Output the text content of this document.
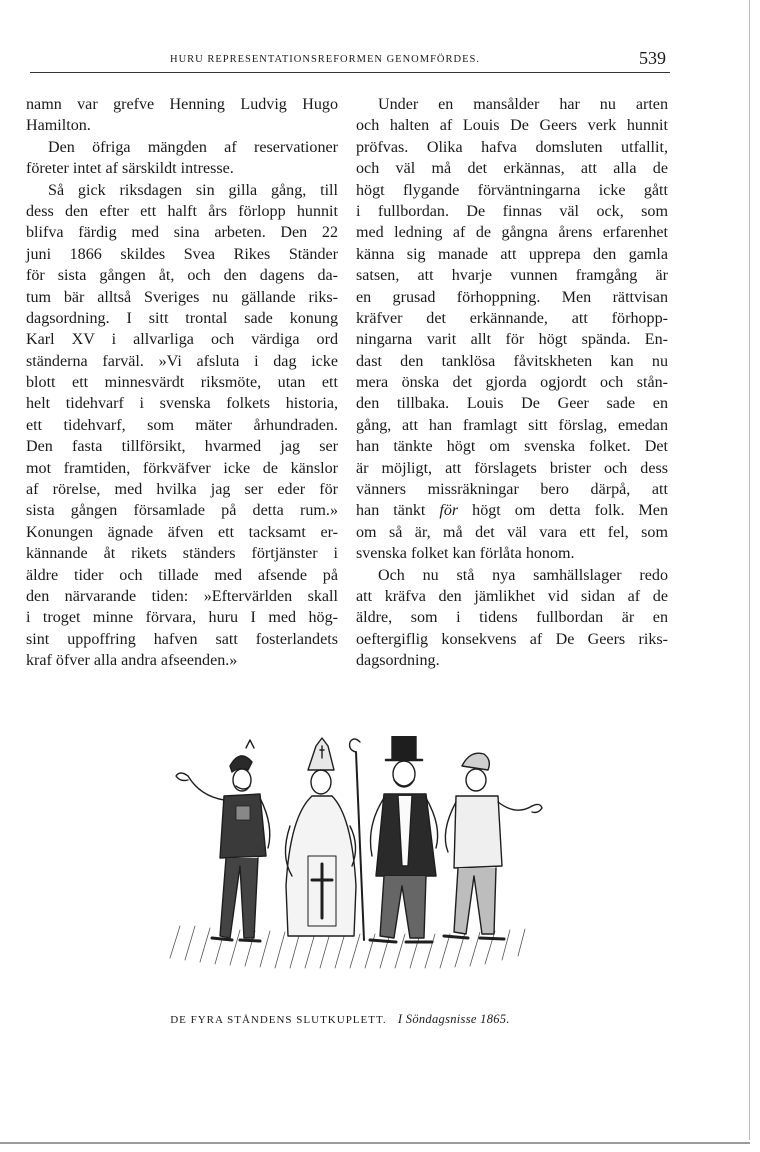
HURU REPRESENTATIONSREFORMEN GENOMFÖRDES.	539
namn var grefve Henning Ludvig Hugo
Hamilton.
Den öfriga mängden af reservationer
företer intet af särskildt intresse.
Så gick riksdagen sin gilla gång, till
dess den efter ett halft års förlopp hunnit
blifva färdig med sina arbeten. Den 22
juni 1866 skildes Svea Rikes Ständer
för sista gången åt, och den dagens da-
tum bär alltså Sveriges nu gällande riks-
dagsordning. I sitt trontal sade konung
Karl XV i allvarliga och värdiga ord
ständerna farväl. »Vi afsluta i dag icke
blott ett minnesvärdt riksmöte, utan ett
helt tidehvarf i svenska folkets historia,
ett tidehvarf, som mäter århundraden.
Den fasta tillförsikt, hvarmed jag ser
mot framtiden, förkväfver icke de känslor
af rörelse, med hvilka jag ser eder för
sista gången församlade på detta rum.»
Konungen ägnade äfven ett tacksamt er-
kännande åt rikets ständers förtjänster i
äldre tider och tillade med afsende på
den närvarande tiden: »Eftervärlden skall
i troget minne förvara, huru I med hög-
sint uppoffring hafven satt fosterlandets
kraf öfver alla andra afseenden.»
Under en mansålder har nu arten
och halten af Louis De Geers verk hunnit
pröfvas. Olika hafva domsluten utfallit,
och väl må det erkännas, att alla de
högt flygande förväntningarna icke gått
i fullbordan. De finnas väl ock, som
med ledning af de gångna årens erfarenhet
känna sig manade att upprepa den gamla
satsen, att hvarje vunnen framgång är
en grusad förhoppning. Men rättvisan
kräfver det erkännande, att förhopp-
ningarna varit allt för högt spända. En-
dast den tanklösa fåvitskheten kan nu
mera önska det gjorda ogjordt och stån-
den tillbaka. Louis De Geer sade en
gång, att han framlagt sitt förslag, emedan
han tänkte högt om svenska folket. Det
är möjligt, att förslagets brister och dess
vänners missräkningar bero därpå, att
han tänkt för högt om detta folk. Men
om så är, må det väl vara ett fel, som
svenska folket kan förlåta honom.
Och nu stå nya samhällslager redo
att kräfva den jämlikhet vid sidan af de
äldre, som i tidens fullbordan är en
oeftergiflig konsekvens af De Geers riks-
dagsordning.
DE FYRA STÅNDENS SLUTKUPLETT. I Söndagsnisse 1865.
